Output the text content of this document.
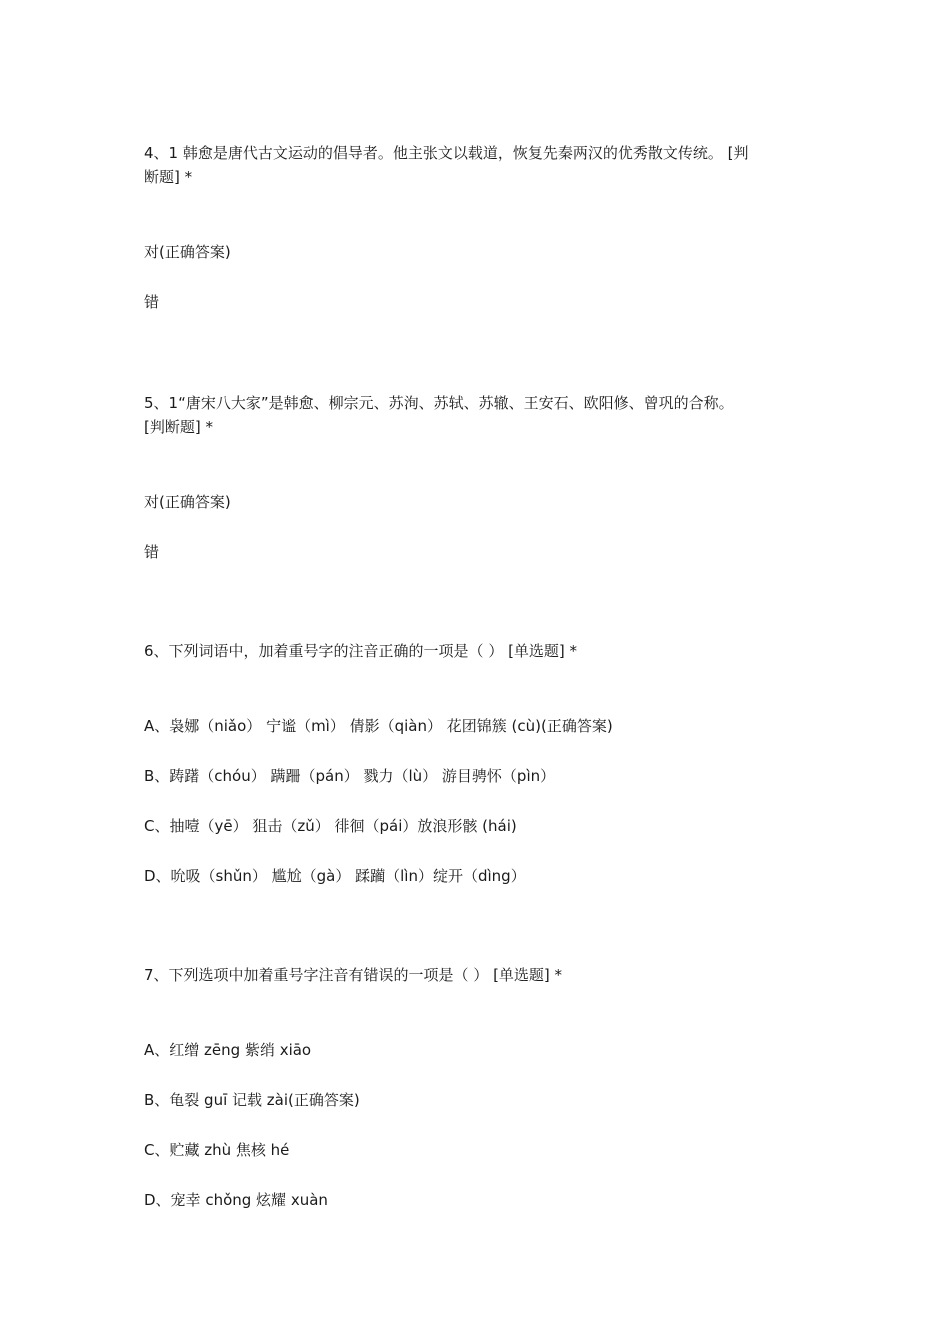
4、1 韩愈是唐代古文运动的倡导者。他主张文以载道，恢复先秦两汉的优秀散文传统。 [判
断题] *
对(正确答案)
错
5、1“唐宋八大家”是韩愈、柳宗元、苏洵、苏轼、苏辙、王安石、欧阳修、曾巩的合称。
[判断题] *
对(正确答案)
错
6、下列词语中，加着重号字的注音正确的一项是（ ） [单选题] *
A、袅娜（niǎo） 宁谧（mì） 倩影（qiàn） 花团锦簇 (cù)(正确答案)
B、踌躇（chóu） 蹒跚（pán） 戮力（lù） 游目骋怀（pìn）
C、抽噎（yē） 狙击（zǔ） 徘徊（pái）放浪形骸 (hái)
D、吮吸（shǔn） 尴尬（gà） 蹂躏（lìn）绽开（dìng）
7、下列选项中加着重号字注音有错误的一项是（ ） [单选题] *
A、红缯 zēng 紫绡 xiāo
B、龟裂 guī 记载 zài(正确答案)
C、贮藏 zhù 焦核 hé
D、宠幸 chǒng 炫耀 xuàn
